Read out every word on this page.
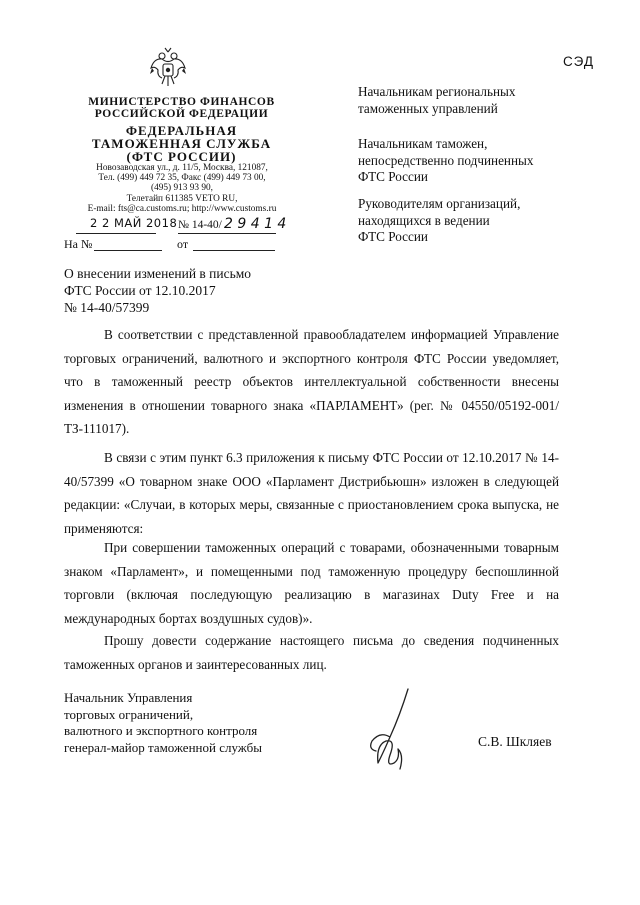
МИНИСТЕРСТВО ФИНАНСОВ
РОССИЙСКОЙ ФЕДЕРАЦИИ
ФЕДЕРАЛЬНАЯ
ТАМОЖЕННАЯ СЛУЖБА
(ФТС РОССИИ)
Новозаводская ул., д. 11/5, Москва, 121087,
Тел. (499) 449 72 35, Факс (499) 449 73 00,
(495) 913 93 90,
Телетайп 611385 VETO RU,
E-mail: fts@ca.customs.ru; http://www.customs.ru
2 2 МАЙ 2018 № 14-40/ 2 9 4 1 4
На №	от
СЭД
Начальникам региональных
таможенных управлений
Начальникам таможен,
непосредственно подчиненных
ФТС России
Руководителям организаций,
находящихся в ведении
ФТС России
О внесении изменений в письмо
ФТС России от 12.10.2017
№ 14-40/57399
В соответствии с представленной правообладателем информацией Управление торговых ограничений, валютного и экспортного контроля ФТС России уведомляет, что в таможенный реестр объектов интеллектуальной собственности внесены изменения в отношении товарного знака «ПАРЛАМЕНТ» (рег. № 04550/05192-001/ТЗ-111017).
В связи с этим пункт 6.3 приложения к письму ФТС России от 12.10.2017 № 14-40/57399 «О товарном знаке ООО «Парламент Дистрибьюшн» изложен в следующей редакции: «Случаи, в которых меры, связанные с приостановлением срока выпуска, не применяются:
При совершении таможенных операций с товарами, обозначенными товарным знаком «Парламент», и помещенными под таможенную процедуру беспошлинной торговли (включая последующую реализацию в магазинах Duty Free и на международных бортах воздушных судов)».
Прошу довести содержание настоящего письма до сведения подчиненных таможенных органов и заинтересованных лиц.
Начальник Управления
торговых ограничений,
валютного и экспортного контроля
генерал-майор таможенной службы	С.В. Шкляев
